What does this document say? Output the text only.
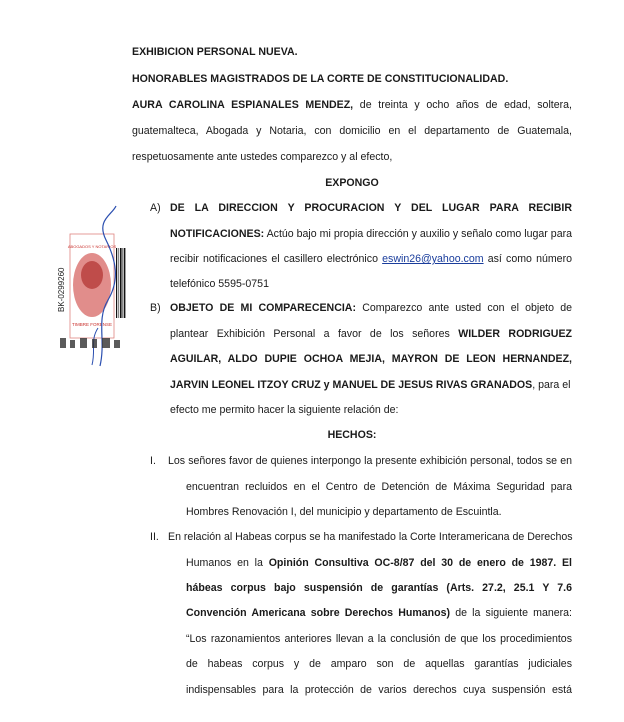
EXHIBICION PERSONAL NUEVA.
HONORABLES MAGISTRADOS DE LA CORTE DE CONSTITUCIONALIDAD.
AURA CAROLINA ESPIANALES MENDEZ, de treinta y ocho años de edad, soltera,
guatemalteca, Abogada y Notaria, con domicilio en el departamento de Guatemala,
respetuosamente ante ustedes comparezco y al efecto,
EXPONGO
A) DE LA DIRECCION Y PROCURACION Y DEL LUGAR PARA RECIBIR
NOTIFICACIONES: Actúo bajo mi propia dirección y auxilio y señalo como lugar para
recibir notificaciones el casillero electrónico eswin26@yahoo.com así como número
telefónico 5595-0751
B) OBJETO DE MI COMPARECENCIA: Comparezco ante usted con el objeto de
plantear Exhibición Personal a favor de los señores WILDER RODRIGUEZ
AGUILAR, ALDO DUPIE OCHOA MEJIA, MAYRON DE LEON HERNANDEZ,
JARVIN LEONEL ITZOY CRUZ y MANUEL DE JESUS RIVAS GRANADOS, para el
efecto me permito hacer la siguiente relación de:
HECHOS:
I. Los señores favor de quienes interpongo la presente exhibición personal, todos se en
encuentran recluidos en el Centro de Detención de Máxima Seguridad para
Hombres Renovación I, del municipio y departamento de Escuintla.
II. En relación al Habeas corpus se ha manifestado la Corte Interamericana de Derechos
Humanos en la Opinión Consultiva OC-8/87 del 30 de enero de 1987. El
hábeas corpus bajo suspensión de garantías (Arts. 27.2, 25.1 Y 7.6
Convención Americana sobre Derechos Humanos) de la siguiente manera:
“Los razonamientos anteriores llevan a la conclusión de que los procedimientos
de habeas corpus y de amparo son de aquellas garantías judiciales
indispensables para la protección de varios derechos cuya suspensión está
BK-0299260
ABOGADOS Y NOTARIOS
TIMBRE FORENSE
